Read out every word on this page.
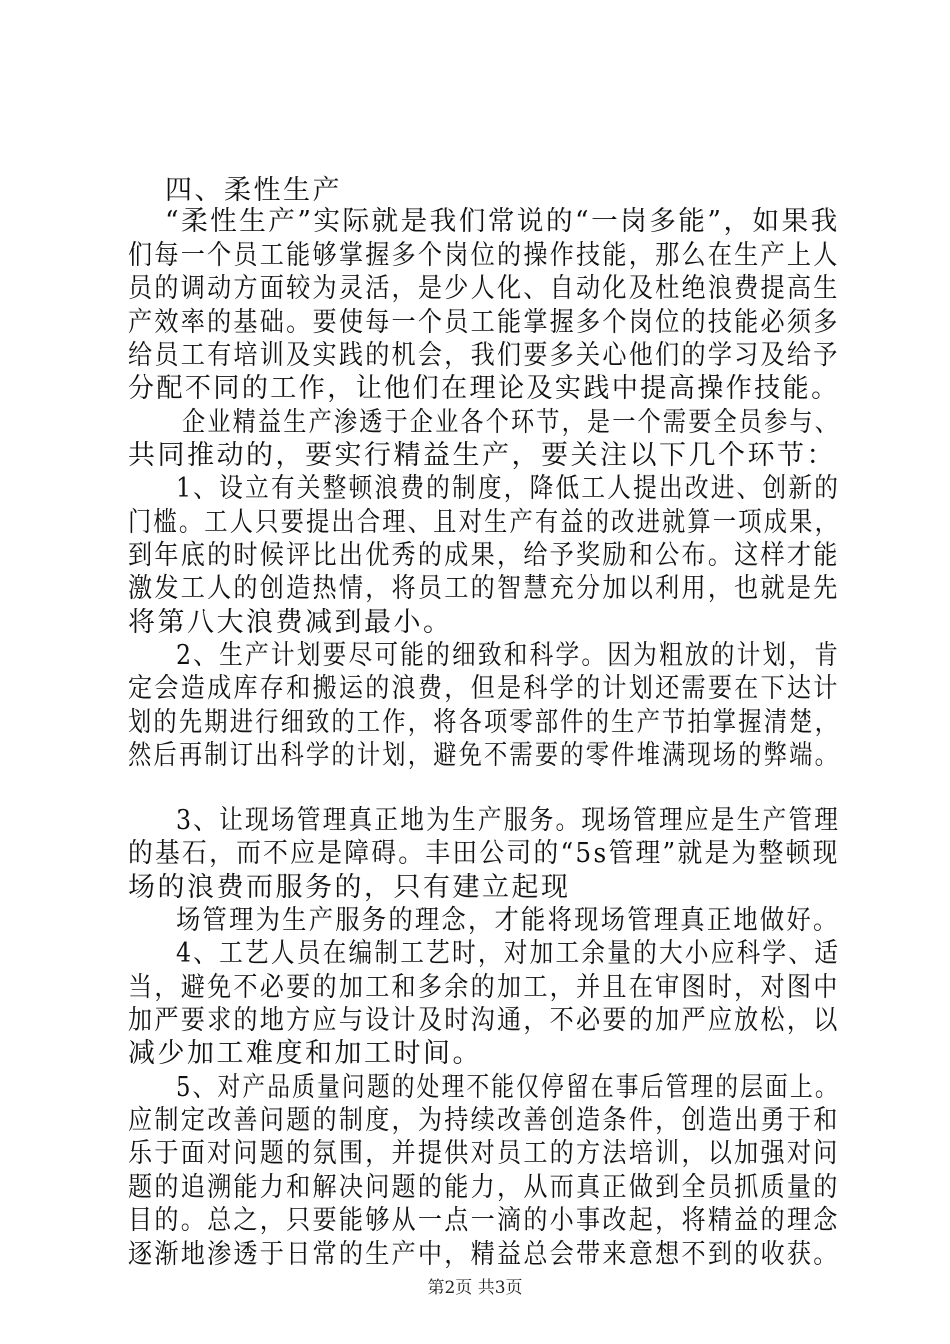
四、柔性生产
“柔性生产”实际就是我们常说的“一岗多能”，如果我
们每一个员工能够掌握多个岗位的操作技能，那么在生产上人
员的调动方面较为灵活，是少人化、自动化及杜绝浪费提高生
产效率的基础。要使每一个员工能掌握多个岗位的技能必须多
给员工有培训及实践的机会，我们要多关心他们的学习及给予
分配不同的工作，让他们在理论及实践中提高操作技能。
企业精益生产渗透于企业各个环节，是一个需要全员参与、
共同推动的，要实行精益生产，要关注以下几个环节：
1、设立有关整顿浪费的制度，降低工人提出改进、创新的
门槛。工人只要提出合理、且对生产有益的改进就算一项成果，
到年底的时候评比出优秀的成果，给予奖励和公布。这样才能
激发工人的创造热情，将员工的智慧充分加以利用，也就是先
将第八大浪费减到最小。
2、生产计划要尽可能的细致和科学。因为粗放的计划，肯
定会造成库存和搬运的浪费，但是科学的计划还需要在下达计
划的先期进行细致的工作，将各项零部件的生产节拍掌握清楚，
然后再制订出科学的计划，避免不需要的零件堆满现场的弊端。
3、让现场管理真正地为生产服务。现场管理应是生产管理
的基石，而不应是障碍。丰田公司的“5s管理”就是为整顿现
场的浪费而服务的，只有建立起现
场管理为生产服务的理念，才能将现场管理真正地做好。
4、工艺人员在编制工艺时，对加工余量的大小应科学、适
当，避免不必要的加工和多余的加工，并且在审图时，对图中
加严要求的地方应与设计及时沟通，不必要的加严应放松，以
减少加工难度和加工时间。
5、对产品质量问题的处理不能仅停留在事后管理的层面上。
应制定改善问题的制度，为持续改善创造条件，创造出勇于和
乐于面对问题的氛围，并提供对员工的方法培训，以加强对问
题的追溯能力和解决问题的能力，从而真正做到全员抓质量的
目的。总之，只要能够从一点一滴的小事改起，将精益的理念
逐渐地渗透于日常的生产中，精益总会带来意想不到的收获。
第2页 共3页
